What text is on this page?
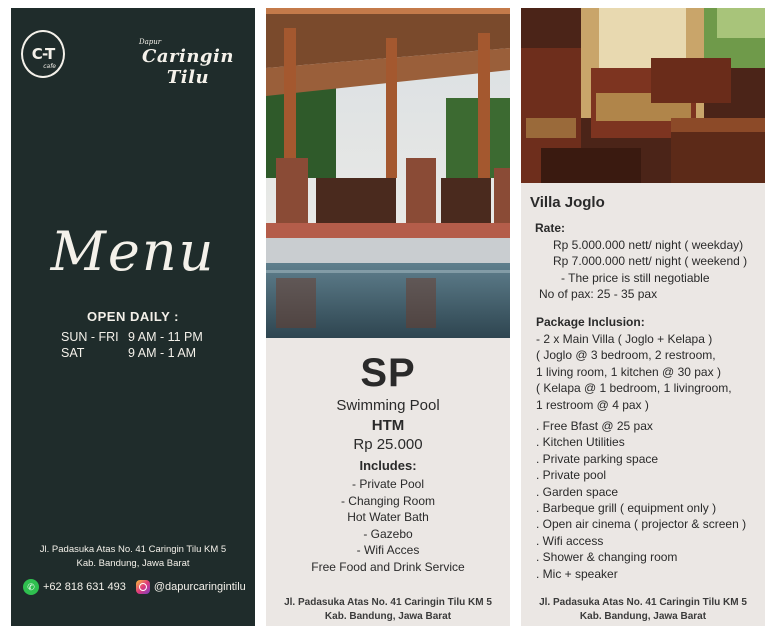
C-T
cafe
Dapur
Caringin Tilu
Menu
OPEN DAILY :
SUN - FRI 9 AM - 11 PM
SAT	9 AM - 1 AM
Jl. Padasuka Atas No. 41 Caringin Tilu KM 5
Kab. Bandung, Jawa Barat
✆ +62 818 631 493	@dapurcaringintilu
SP
Swimming Pool
HTM
Rp 25.000
Includes:
- Private Pool
- Changing Room
Hot Water Bath
- Gazebo
- Wifi Acces
Free Food and Drink Service
Jl. Padasuka Atas No. 41 Caringin Tilu KM 5
Kab. Bandung, Jawa Barat
Villa Joglo
Rate:
Rp 5.000.000 nett/ night ( weekday)
Rp 7.000.000 nett/ night ( weekend )
- The price is still negotiable
No of pax: 25 - 35 pax
Package Inclusion:
- 2 x Main Villa ( Joglo + Kelapa )
( Joglo @ 3 bedroom, 2 restroom,
1 living room, 1 kitchen @ 30 pax )
( Kelapa @ 1 bedroom, 1 livingroom,
1 restroom @ 4 pax )
. Free Bfast @ 25 pax
. Kitchen Utilities
. Private parking space
. Private pool
. Garden space
. Barbeque grill ( equipment only )
. Open air cinema ( projector & screen )
. Wifi access
. Shower & changing room
. Mic + speaker
Jl. Padasuka Atas No. 41 Caringin Tilu KM 5
Kab. Bandung, Jawa Barat
